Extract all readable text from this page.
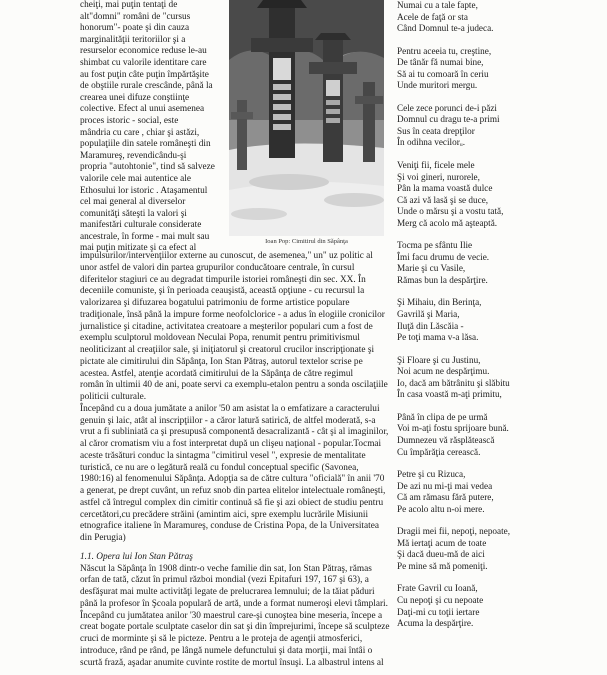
cheiţi, mai puţin tentaţi de
alt"domni" români de "cursus
honorum"- poate şi din cauza
marginalităţii teritoriilor şi a
resurselor economice reduse le-au
shimbat cu valorile identitare care
au fost puţin câte puţin împărtăşite
de obştiile rurale crescânde, până la
crearea unei difuze conştiinţe
colective. Efect al unui asemenea
proces istoric - social, este
mândria cu care , chiar şi astăzi,
populaţiile din satele româneşti din
Maramureş, revendicându-şi
propria "autohtonie", tind să salveze
valorile cele mai autentice ale
Ethosului lor istoric . Ataşamentul
cel mai general al diverselor
comunităţi săteşti la valori şi
manifestări culturale considerate
ancestrale, în forme - mai mult sau
mai puţin mitizate şi ca efect al
Ioan Pop: Cimitirul din Săpânţa
impulsurilor/intervenţiilor externe au cunoscut, de asemenea," un" uz politic al
unor astfel de valori din partea grupurilor conducătoare centrale, în cursul
diferitelor stagiuri ce au degradat timpurile istoriei româneşti din sec. XX. În
deceniile comuniste, şi în perioada ceauşistă, această opţiune - cu recursul la
valorizarea şi difuzarea bogatului patrimoniu de forme artistice populare
tradiţionale, însă până la impure forme neofolclorice - a adus în elogiile cronicilor
jurnalistice şi citadine, activitatea creatoare a meşterilor populari cum a fost de
exemplu sculptorul moldovean Neculai Popa, renumit pentru primitivismul
neoliticizant al creaţiilor sale, şi iniţiatorul şi creatorul crucilor inscripţionate şi
pictate ale cimitirului din Săpânţa, Ion Stan Pătraş, autorul textelor scrise pe
acestea. Astfel, atenţie acordată cimitirului de la Săpânţa de către regimul
român în ultimii 40 de ani, poate servi ca exemplu-etalon pentru a sonda oscilaţiile
politicii culturale.
Începând cu a doua jumătate a anilor '50 am asistat la o emfatizare a caracterului
genuin şi laic, atât al inscripţiilor - a căror latură satirică, de altfel moderată, s-a
vrut a fi subliniată ca şi presupusă componentă desacralizantă - cât şi al imaginilor,
al căror cromatism viu a fost interpretat după un clişeu naţional - popular.Tocmai
aceste trăsături conduc la sintagma "cimitirul vesel ", expresie de mentalitate
turistică, ce nu are o legătură reală cu fondul conceptual specific (Savonea,
1980:16) al fenomenului Săpânţa. Adopţia sa de către cultura "oficială" în anii '70
a generat, pe drept cuvânt, un refuz snob din partea elitelor intelectuale româneşti,
astfel că întregul complex din cimitir continuă să fie şi azi obiect de studiu pentru
cercetători,cu precădere străini (amintim aici, spre exemplu lucrările Misiunii
etnografice italiene în Maramureş, conduse de Cristina Popa, de la Universitatea
din Perugia)
1.1. Opera lui Ion Stan Pătraş
Născut la Săpânţa în 1908 dintr-o veche familie din sat, Ion Stan Pătraş, rămas
orfan de tată, căzut în primul război mondial (vezi Epitafuri 197, 167 şi 63), a
desfăşurat mai multe activităţi legate de prelucrarea lemnului; de la tăiat păduri
până la profesor în Şcoala populară de artă, unde a format numeroşi elevi tâmplari.
Începând cu jumătatea anilor '30 maestrul care-şi cunoştea bine meseria, începe a
creat bogate portale sculptate caselor din sat şi din împrejurimi, începe să sculpteze
cruci de morminte şi să le picteze. Pentru a le proteja de agenţii atmosferici,
introduce, rând pe rând, pe lângă numele defunctului şi data morţii, mai întâi o
scurtă frază, aşadar anumite cuvinte rostite de mortul însuşi. La albastrul intens al
Numai cu a tale fapte,
Acele de faţă or sta
Când Domnul te-a judeca.
Pentru aceeia tu, creştine,
De tânăr fă numai bine,
Să ai tu comoară în ceriu
Unde muritori mergu.
Cele zece porunci de-i păzi
Domnul cu dragu te-a primi
Sus în ceata drepţilor
În odihna vecilorᵤ.
Veniţi fii, ficele mele
Şi voi gineri, nurorele,
Pân la mama voastă dulce
Că azi vă lasă şi se duce,
Unde o mărsu şi a vostu tată,
Merg că acolo mă aşteaptă.
Tocma pe sfântu Ilie
Îmi facu drumu de vecie.
Marie şi cu Vasile,
Rămas bun la despărţire.
Şi Mihaiu, din Berinţa,
Gavrilă şi Maria,
Iluţă din Lăscăia -
Pe toţi mama v-a lăsa.
Şi Floare şi cu Justinu,
Noi acum ne despărţimu.
Io, dacă am bătrânitu şi slăbitu
În casa voastă m-aţi primitu,
Până în clipa de pe urmă
Voi m-aţi fostu sprijoare bună.
Dumnezeu vă răsplătească
Cu împărăţia cerească.
Petre şi cu Rizuca,
De azi nu mi-ţi mai vedea
Că am rămasu fără putere,
Pe acolo altu n-oi mere.
Dragii mei fii, nepoţi, nepoate,
Mă iertaţi acum de toate
Şi dacă dueu-mă de aici
Pe mine să mă pomeniţi.
Frate Gavril cu Ioană,
Cu nepoţi şi cu nepoate
Daţi-mi cu toţii iertare
Acuma la despărţire.
